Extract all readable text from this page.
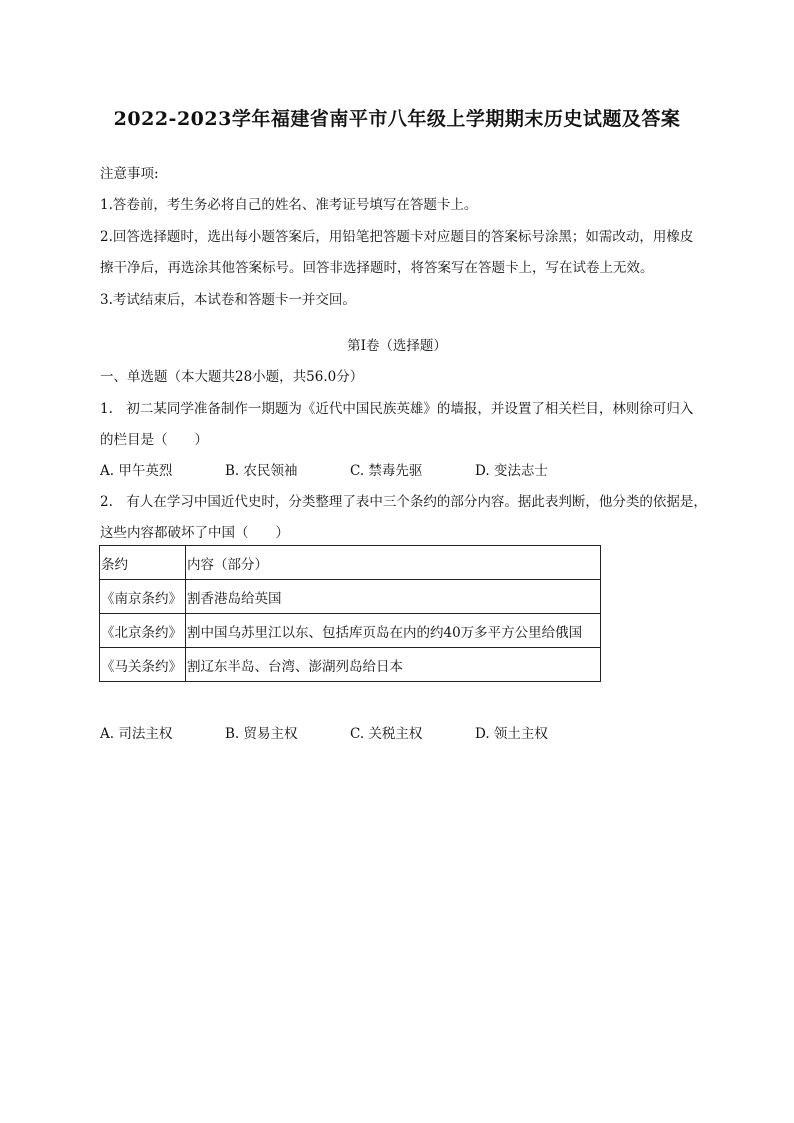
2022-2023学年福建省南平市八年级上学期期末历史试题及答案
注意事项:
1.答卷前，考生务必将自己的姓名、准考证号填写在答题卡上。
2.回答选择题时，选出每小题答案后，用铅笔把答题卡对应题目的答案标号涂黑；如需改动，用橡皮
擦干净后，再选涂其他答案标号。回答非选择题时，将答案写在答题卡上，写在试卷上无效。
3.考试结束后，本试卷和答题卡一并交回。
第Ⅰ卷（选择题）
一、单选题（本大题共28小题，共56.0分）
1.　初二某同学准备制作一期题为《近代中国民族英雄》的墙报，并设置了相关栏目，林则徐可归入
的栏目是（　　）
A. 甲午英烈	B. 农民领袖	C. 禁毒先驱	D. 变法志士
2.　有人在学习中国近代史时，分类整理了表中三个条约的部分内容。据此表判断，他分类的依据是，
这些内容都破坏了中国（　　）
条约	内容（部分）
《南京条约》	割香港岛给英国
《北京条约》	割中国乌苏里江以东、包括库页岛在内的约40万多平方公里给俄国
《马关条约》	割辽东半岛、台湾、澎湖列岛给日本
A. 司法主权	B. 贸易主权	C. 关税主权	D. 领土主权
